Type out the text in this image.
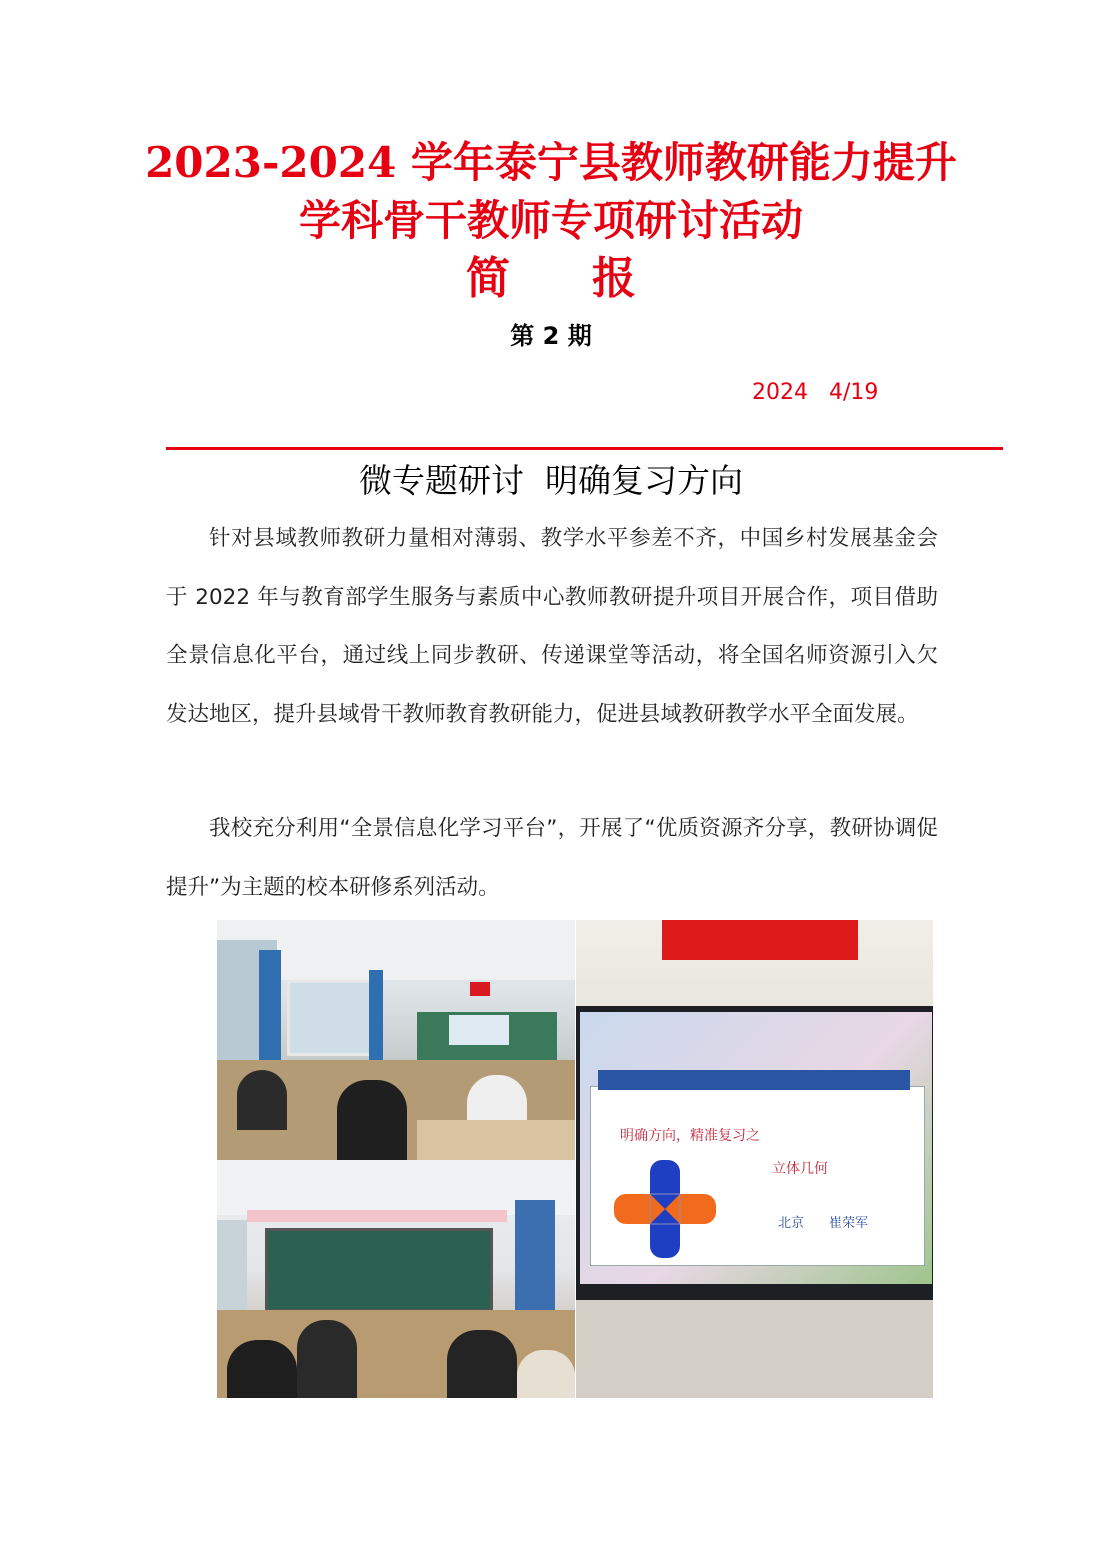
2023-2024 学年泰宁县教师教研能力提升
学科骨干教师专项研讨活动
简报
第 2 期
2024   4/19
微专题研讨  明确复习方向

针对县域教师教研力量相对薄弱、教学水平参差不齐，中国乡村发展基金会于 2022 年与教育部学生服务与素质中心教师教研提升项目开展合作，项目借助全景信息化平台，通过线上同步教研、传递课堂等活动，将全国名师资源引入欠发达地区，提升县域骨干教师教育教研能力，促进县域教研教学水平全面发展。

我校充分利用“全景信息化学习平台”，开展了“优质资源齐分享，教研协调促提升”为主题的校本研修系列活动。

明确方向，精准复习之
立体几何
北京 崔荣军
